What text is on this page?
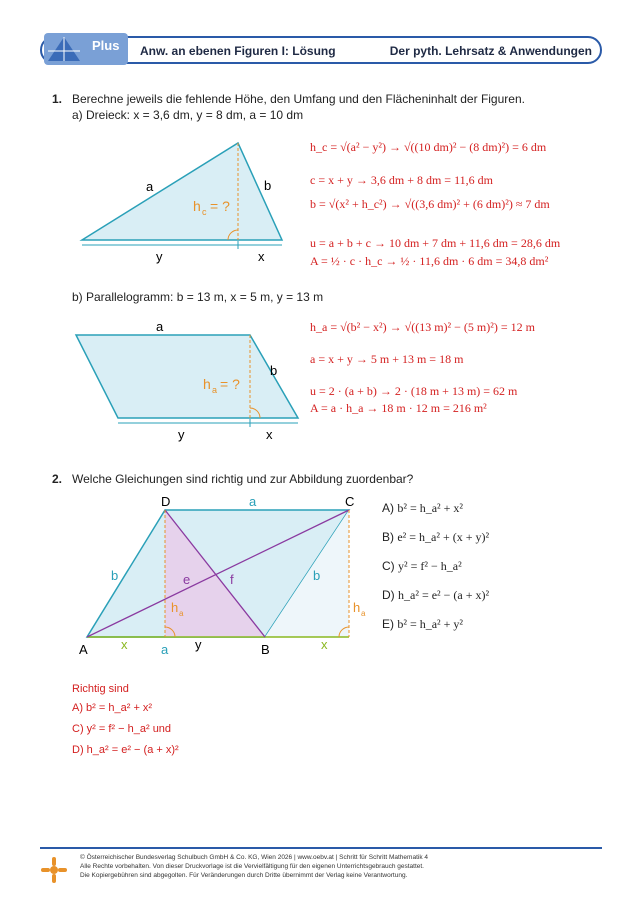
Plus Anw. an ebenen Figuren I: Lösung	Der pyth. Lehrsatz & Anwendungen
1. Berechne jeweils die fehlende Höhe, den Umfang und den Flächeninhalt der Figuren.
a) Dreieck: x = 3,6 dm, y = 8 dm, a = 10 dm
a	b
h c = ?
y	x
h_c = √(a² − y²) → √((10 dm)² − (8 dm)²) = 6 dm
c = x + y → 3,6 dm + 8 dm = 11,6 dm
b = √(x² + h_c²) → √((3,6 dm)² + (6 dm)²) ≈ 7 dm
u = a + b + c → 10 dm + 7 dm + 11,6 dm = 28,6 dm
A = ½ · c · h_c → ½ · 11,6 dm · 6 dm = 34,8 dm²
b) Parallelogramm: b = 13 m, x = 5 m, y = 13 m
a
b
h a = ?
y	x
h_a = √(b² − x²) → √((13 m)² − (5 m)²) = 12 m
a = x + y → 5 m + 13 m = 18 m
u = 2 · (a + b) → 2 · (18 m + 13 m) = 62 m
A = a · h_a → 18 m · 12 m = 216 m²
2. Welche Gleichungen sind richtig und zur Abbildung zuordenbar?
D	C
A	B
a
a
b	b
e	f
h a	h a
x	x
y
A) b² = h_a² + x²
B) e² = h_a² + (x + y)²
C) y² = f² − h_a²
D) h_a² = e² − (a + x)²
E) b² = h_a² + y²
Richtig sind
A) b² = h_a² + x²
C) y² = f² − h_a² und
D) h_a² = e² − (a + x)²
© Österreichischer Bundesverlag Schulbuch GmbH & Co. KG, Wien 2026 | www.oebv.at | Schritt für Schritt Mathematik 4
Alle Rechte vorbehalten. Von dieser Druckvorlage ist die Vervielfältigung für den eigenen Unterrichtsgebrauch gestattet.
Die Kopiergebühren sind abgegolten. Für Veränderungen durch Dritte übernimmt der Verlag keine Verantwortung.
